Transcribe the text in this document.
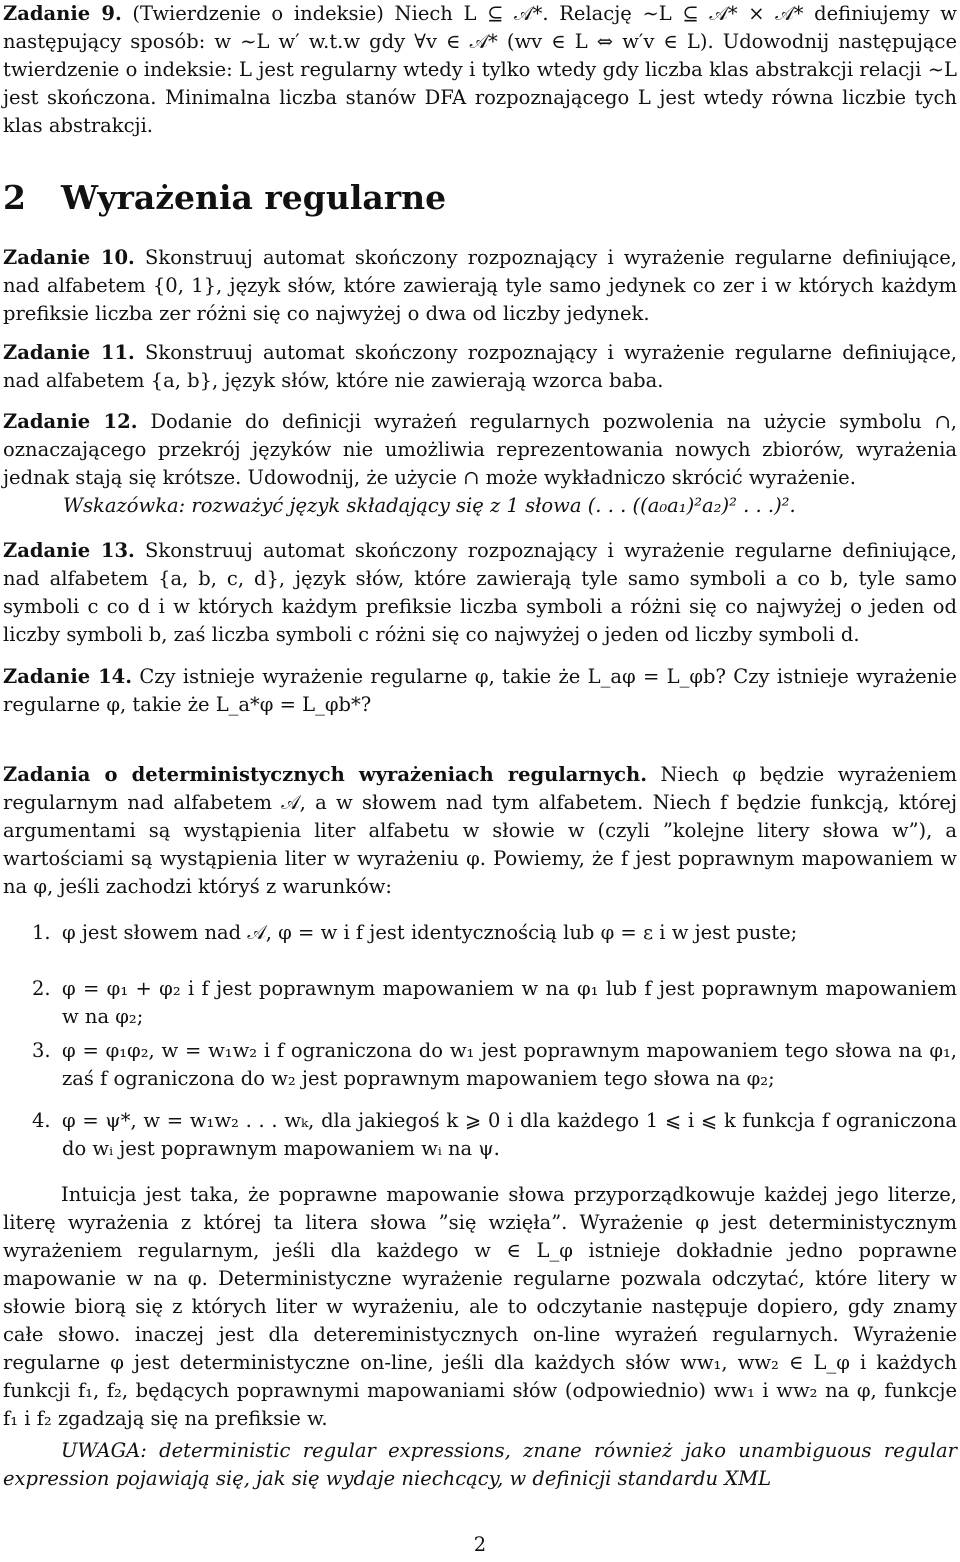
Zadanie 9. (Twierdzenie o indeksie) Niech L ⊆ 𝒜*. Relację ∼L ⊆ 𝒜* × 𝒜* definiujemy w następujący sposób: w ∼L w′ w.t.w gdy ∀v ∈ 𝒜* (wv ∈ L ⇔ w′v ∈ L). Udowodnij następujące twierdzenie o indeksie: L jest regularny wtedy i tylko wtedy gdy liczba klas abstrakcji relacji ∼L jest skończona. Minimalna liczba stanów DFA rozpoznającego L jest wtedy równa liczbie tych klas abstrakcji.
2 Wyrażenia regularne
Zadanie 10. Skonstruuj automat skończony rozpoznający i wyrażenie regularne definiujące, nad alfabetem {0, 1}, język słów, które zawierają tyle samo jedynek co zer i w których każdym prefiksie liczba zer różni się co najwyżej o dwa od liczby jedynek.
Zadanie 11. Skonstruuj automat skończony rozpoznający i wyrażenie regularne definiujące, nad alfabetem {a, b}, język słów, które nie zawierają wzorca baba.
Zadanie 12. Dodanie do definicji wyrażeń regularnych pozwolenia na użycie symbolu ∩, oznaczającego przekrój języków nie umożliwia reprezentowania nowych zbiorów, wyrażenia jednak stają się krótsze. Udowodnij, że użycie ∩ może wykładniczo skrócić wyrażenie.
Wskazówka: rozważyć język składający się z 1 słowa (. . . ((a₀a₁)²a₂)² . . .)².
Zadanie 13. Skonstruuj automat skończony rozpoznający i wyrażenie regularne definiujące, nad alfabetem {a, b, c, d}, język słów, które zawierają tyle samo symboli a co b, tyle samo symboli c co d i w których każdym prefiksie liczba symboli a różni się co najwyżej o jeden od liczby symboli b, zaś liczba symboli c różni się co najwyżej o jeden od liczby symboli d.
Zadanie 14. Czy istnieje wyrażenie regularne φ, takie że L_aφ = L_φb? Czy istnieje wyrażenie regularne φ, takie że L_a*φ = L_φb*?
Zadania o deterministycznych wyrażeniach regularnych. Niech φ będzie wyrażeniem regularnym nad alfabetem 𝒜, a w słowem nad tym alfabetem. Niech f będzie funkcją, której argumentami są wystąpienia liter alfabetu w słowie w (czyli ”kolejne litery słowa w”), a wartościami są wystąpienia liter w wyrażeniu φ. Powiemy, że f jest poprawnym mapowaniem w na φ, jeśli zachodzi któryś z warunków:
1. φ jest słowem nad 𝒜, φ = w i f jest identycznością lub φ = ε i w jest puste;
2. φ = φ₁ + φ₂ i f jest poprawnym mapowaniem w na φ₁ lub f jest poprawnym mapowaniem w na φ₂;
3. φ = φ₁φ₂, w = w₁w₂ i f ograniczona do w₁ jest poprawnym mapowaniem tego słowa na φ₁, zaś f ograniczona do w₂ jest poprawnym mapowaniem tego słowa na φ₂;
4. φ = ψ*, w = w₁w₂ . . . wₖ, dla jakiegoś k ⩾ 0 i dla każdego 1 ⩽ i ⩽ k funkcja f ograniczona do wᵢ jest poprawnym mapowaniem wᵢ na ψ.
Intuicja jest taka, że poprawne mapowanie słowa przyporządkowuje każdej jego literze, literę wyrażenia z której ta litera słowa ”się wzięła”. Wyrażenie φ jest deterministycznym wyrażeniem regularnym, jeśli dla każdego w ∈ L_φ istnieje dokładnie jedno poprawne mapowanie w na φ. Deterministyczne wyrażenie regularne pozwala odczytać, które litery w słowie biorą się z których liter w wyrażeniu, ale to odczytanie następuje dopiero, gdy znamy całe słowo. inaczej jest dla detereministycznych on-line wyrażeń regularnych. Wyrażenie regularne φ jest deterministyczne on-line, jeśli dla każdych słów ww₁, ww₂ ∈ L_φ i każdych funkcji f₁, f₂, będących poprawnymi mapowaniami słów (odpowiednio) ww₁ i ww₂ na φ, funkcje f₁ i f₂ zgadzają się na prefiksie w.
UWAGA: deterministic regular expressions, znane również jako unambiguous regular expression pojawiają się, jak się wydaje niechcący, w definicji standardu XML
2
